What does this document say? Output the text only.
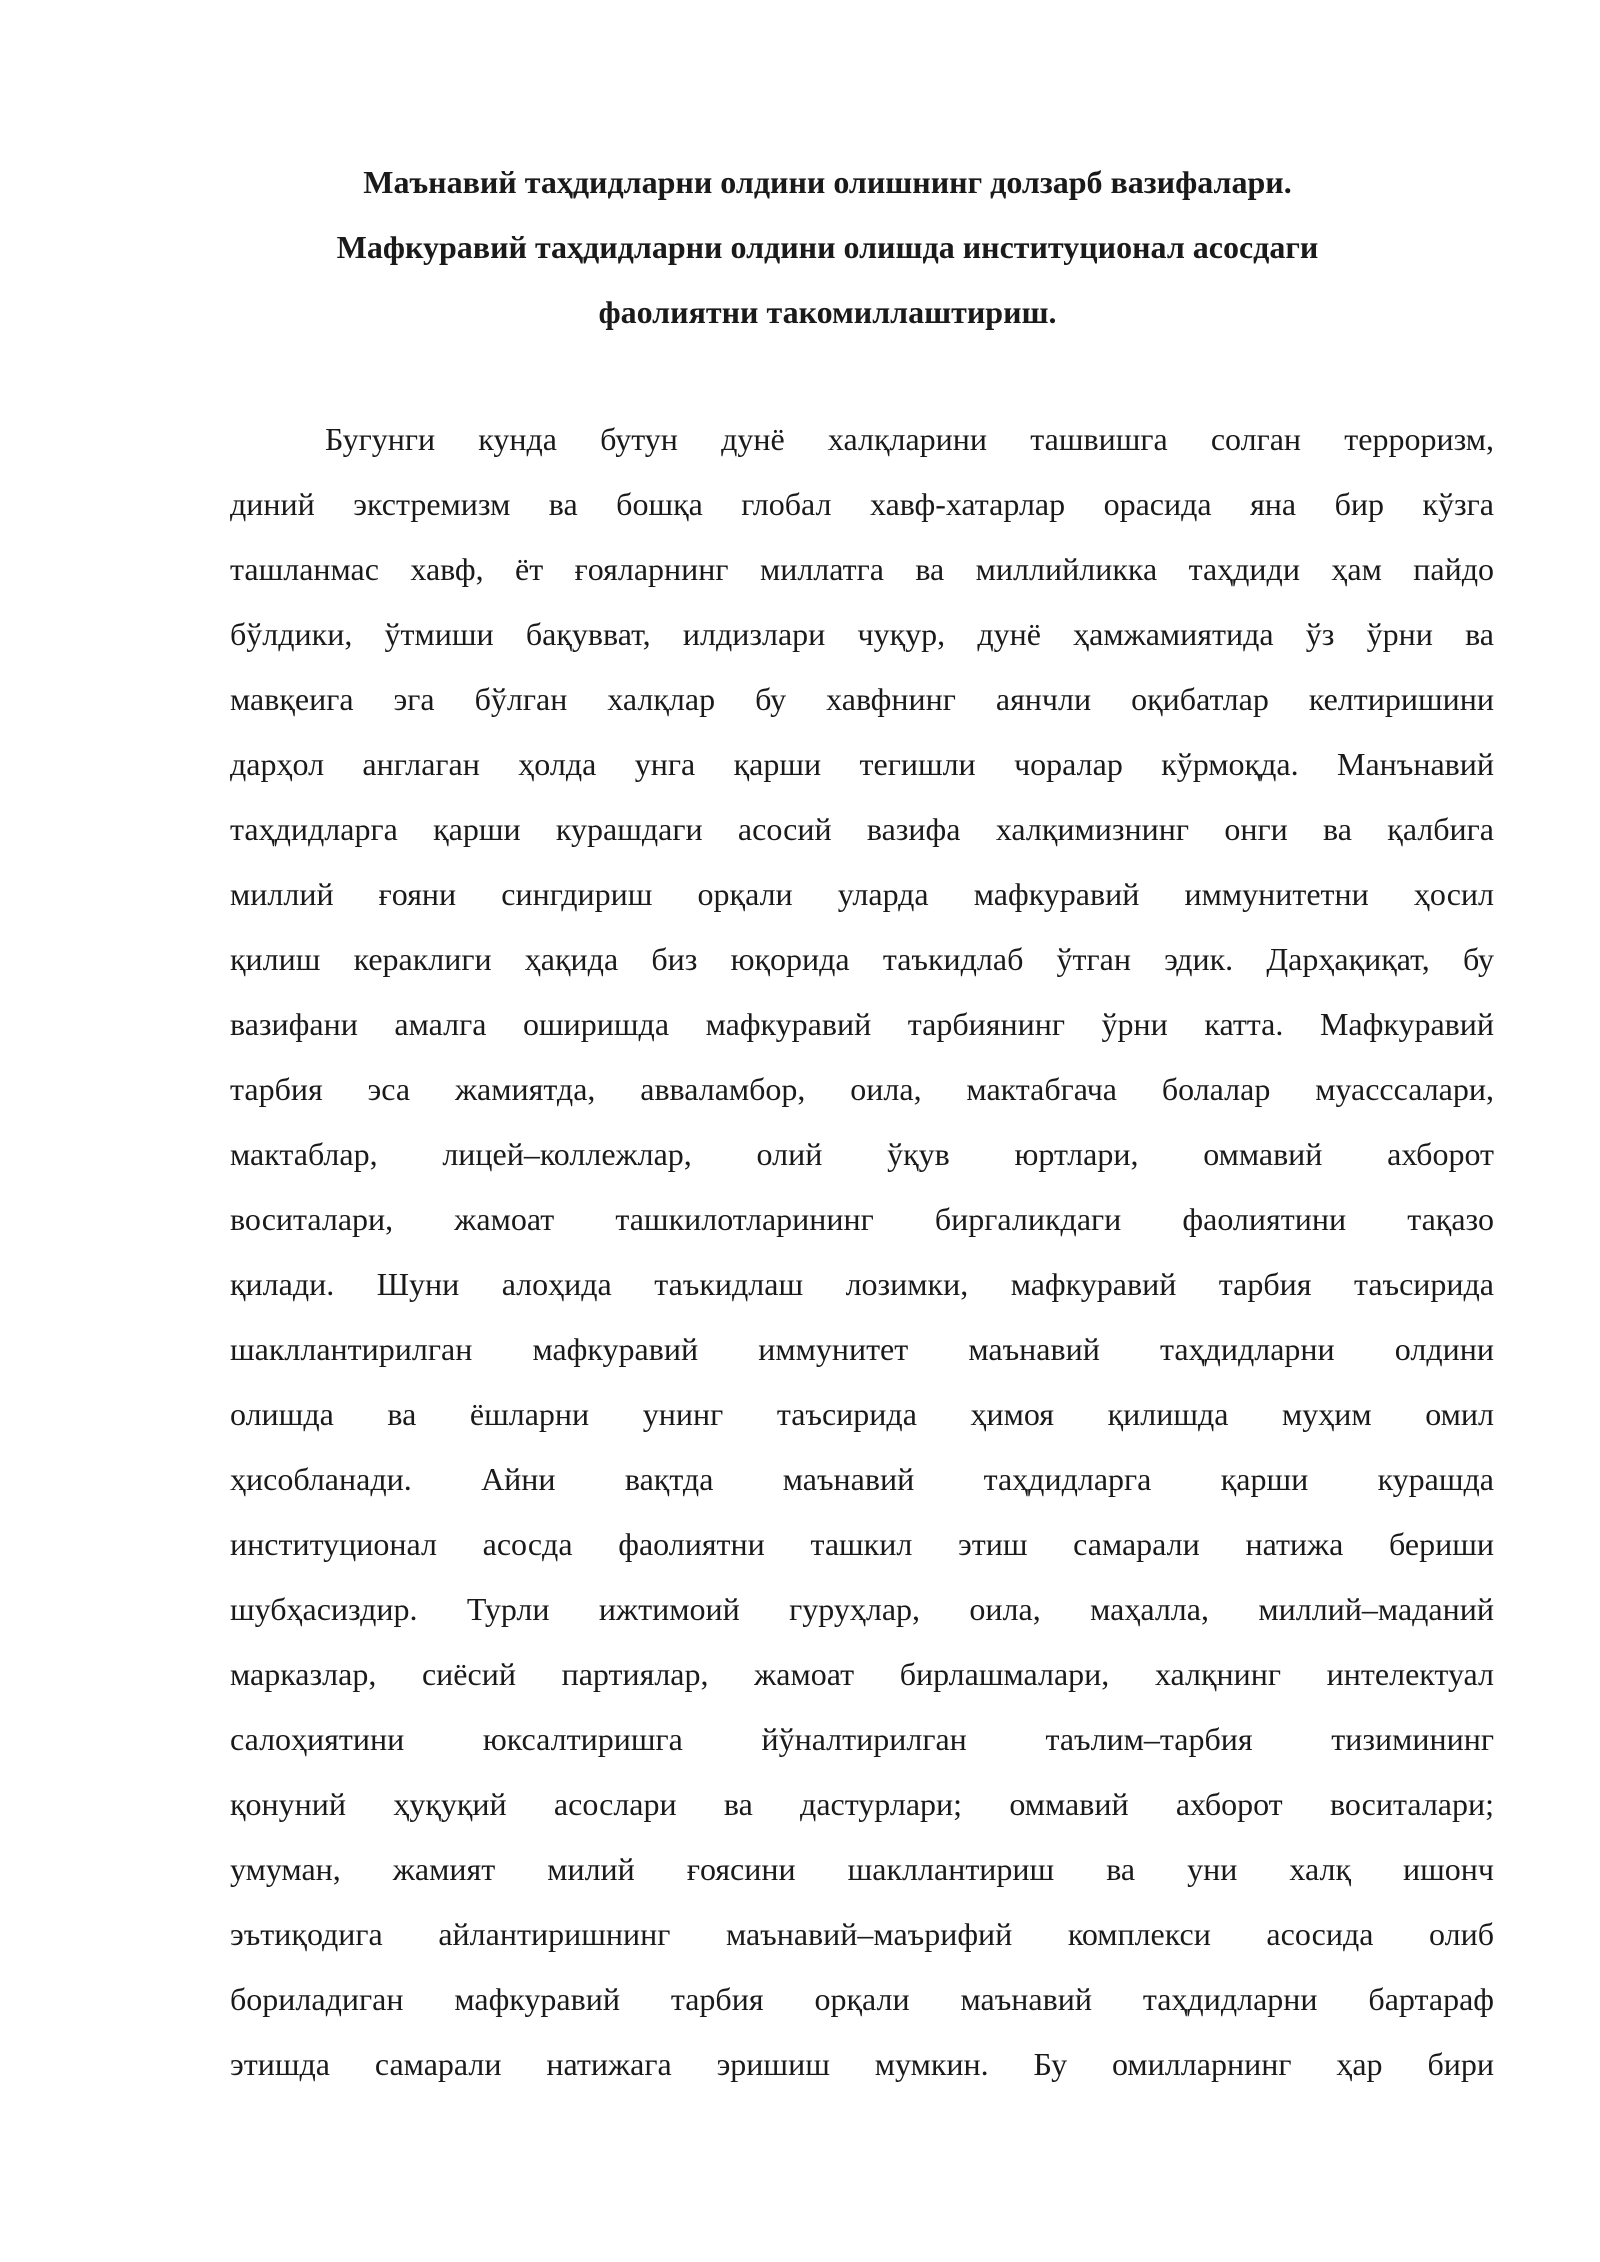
Маънавий таҳдидларни олдини олишнинг долзарб вазифалари.
Мафкуравий таҳдидларни олдини олишда институционал асосдаги
фаолиятни такомиллаштириш.
Бугунги кунда бутун дунё халқларини ташвишга солган терроризм,
диний экстремизм ва бошқа глобал хавф-хатарлар орасида яна бир кўзга
ташланмас хавф, ёт ғояларнинг миллатга ва миллийликка таҳдиди ҳам пайдо
бўлдики, ўтмиши бақувват, илдизлари чуқур, дунё ҳамжамиятида ўз ўрни ва
мавқеига эга бўлган халқлар бу хавфнинг аянчли оқибатлар келтиришини
дарҳол англаган ҳолда унга қарши тегишли чоралар кўрмоқда. Манънавий
таҳдидларга қарши курашдаги асосий вазифа халқимизнинг онги ва қалбига
миллий ғояни сингдириш орқали уларда мафкуравий иммунитетни ҳосил
қилиш кераклиги ҳақида биз юқорида таъкидлаб ўтган эдик. Дарҳақиқат, бу
вазифани амалга оширишда мафкуравий тарбиянинг ўрни катта. Мафкуравий
тарбия эса жамиятда, авваламбор, оила, мактабгача болалар муасссалари,
мактаблар, лицей–коллежлар, олий ўқув юртлари, оммавий ахборот
воситалари, жамоат ташкилотларининг биргаликдаги фаолиятини тақазо
қилади. Шуни алоҳида таъкидлаш лозимки, мафкуравий тарбия таъсирида
шакллантирилган мафкуравий иммунитет маънавий таҳдидларни олдини
олишда ва ёшларни унинг таъсирида ҳимоя қилишда муҳим омил
ҳисобланади. Айни вақтда маънавий таҳдидларга қарши курашда
институционал асосда фаолиятни ташкил этиш самарали натижа бериши
шубҳасиздир. Турли ижтимоий гуруҳлар, оила, маҳалла, миллий–маданий
марказлар, сиёсий партиялар, жамоат бирлашмалари, халқнинг интелектуал
салоҳиятини юксалтиришга йўналтирилган таълим–тарбия тизимининг
қонуний ҳуқуқий асослари ва дастурлари; оммавий ахборот воситалари;
умуман, жамият милий ғоясини шакллантириш ва уни халқ ишонч
эътиқодига айлантиришнинг маънавий–маърифий комплекси асосида олиб
бориладиган мафкуравий тарбия орқали маънавий таҳдидларни бартараф
этишда самарали натижага эришиш мумкин. Бу омилларнинг ҳар бири
